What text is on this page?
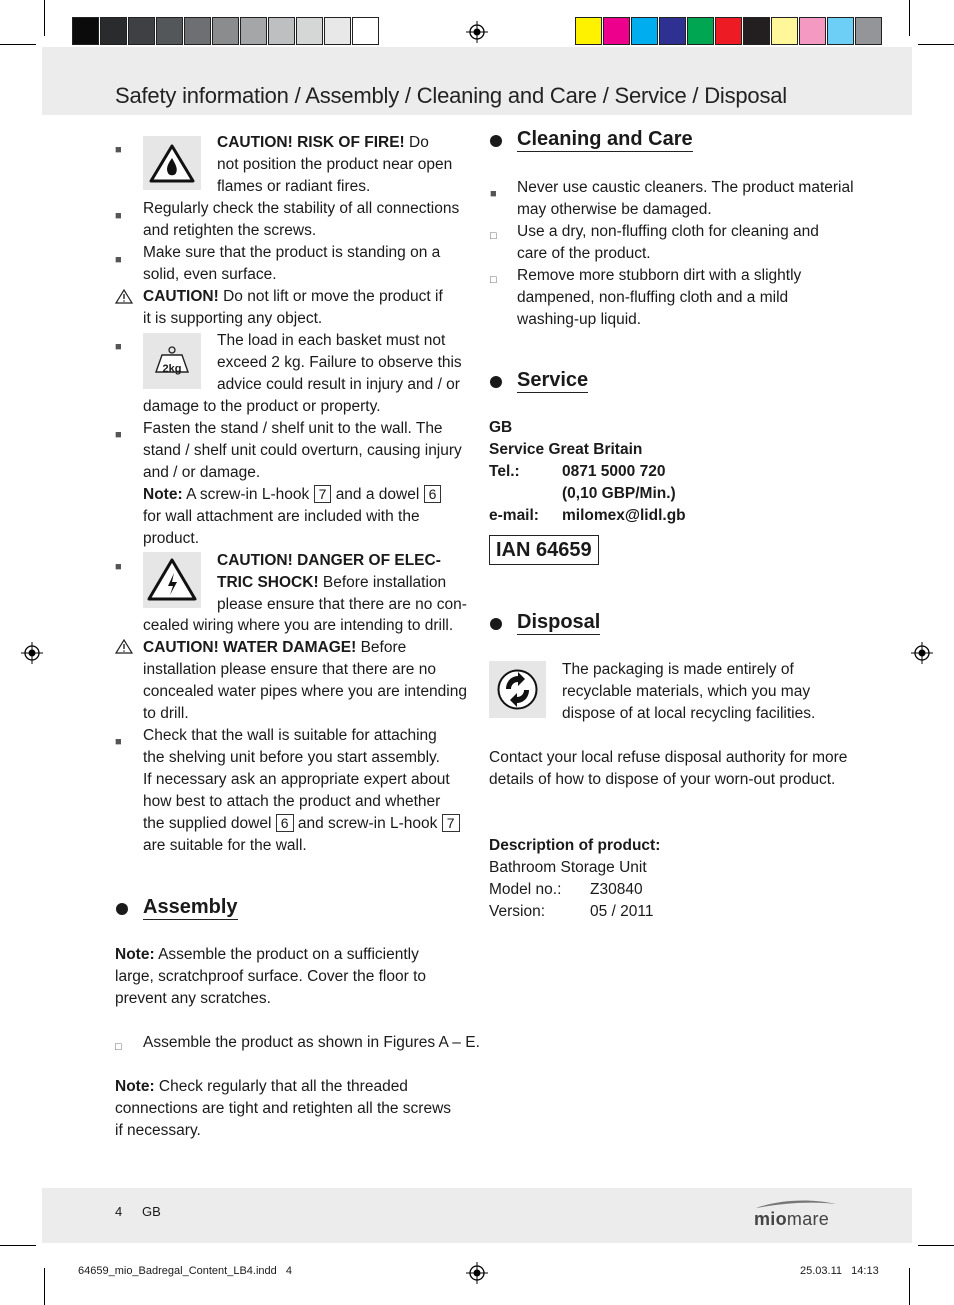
Safety information / Assembly / Cleaning and Care / Service / Disposal
■	CAUTION! RISK OF FIRE! Do
not position the product near open
flames or radiant fires.
■ Regularly check the stability of all connections
and retighten the screws.
■ Make sure that the product is standing on a
solid, even surface.
CAUTION! Do not lift or move the product if
it is supporting any object.
■
2kg
The load in each basket must not
exceed 2 kg. Failure to observe this
advice could result in injury and / or
damage to the product or property.
■ Fasten the stand / shelf unit to the wall. The
stand / shelf unit could overturn, causing injury
and / or damage.
Note: A screw-in L-hook 7 and a dowel 6
for wall attachment are included with the
product.
■	CAUTION! DANGER OF ELEC-
TRIC SHOCK! Before installation
please ensure that there are no con-
cealed wiring where you are intending to drill.
CAUTION! WATER DAMAGE! Before
installation please ensure that there are no
concealed water pipes where you are intending
to drill.
■ Check that the wall is suitable for attaching
the shelving unit before you start assembly.
If necessary ask an appropriate expert about
how best to attach the product and whether
the supplied dowel 6 and screw-in L-hook 7
are suitable for the wall.
Assembly
Note: Assemble the product on a sufficiently
large, scratchproof surface. Cover the floor to
prevent any scratches.
□ Assemble the product as shown in Figures A – E.
Note: Check regularly that all the threaded
connections are tight and retighten all the screws
if necessary.
Cleaning and Care
■ Never use caustic cleaners. The product material
may otherwise be damaged.
□ Use a dry, non-fluffing cloth for cleaning and
care of the product.
□ Remove more stubborn dirt with a slightly
dampened, non-fluffing cloth and a mild
washing-up liquid.
Service
GB
Service Great Britain
Tel.:	0871 5000 720
(0,10 GBP/Min.)
e-mail: milomex@lidl.gb
IAN 64659
Disposal
The packaging is made entirely of
recyclable materials, which you may
dispose of at local recycling facilities.
Contact your local refuse disposal authority for more
details of how to dispose of your worn-out product.
Description of product:
Bathroom Storage Unit
Model no.: Z30840
Version:	05 / 2011
4 GB	miomare
64659_mio_Badregal_Content_LB4.indd   4	25.03.11   14:13
